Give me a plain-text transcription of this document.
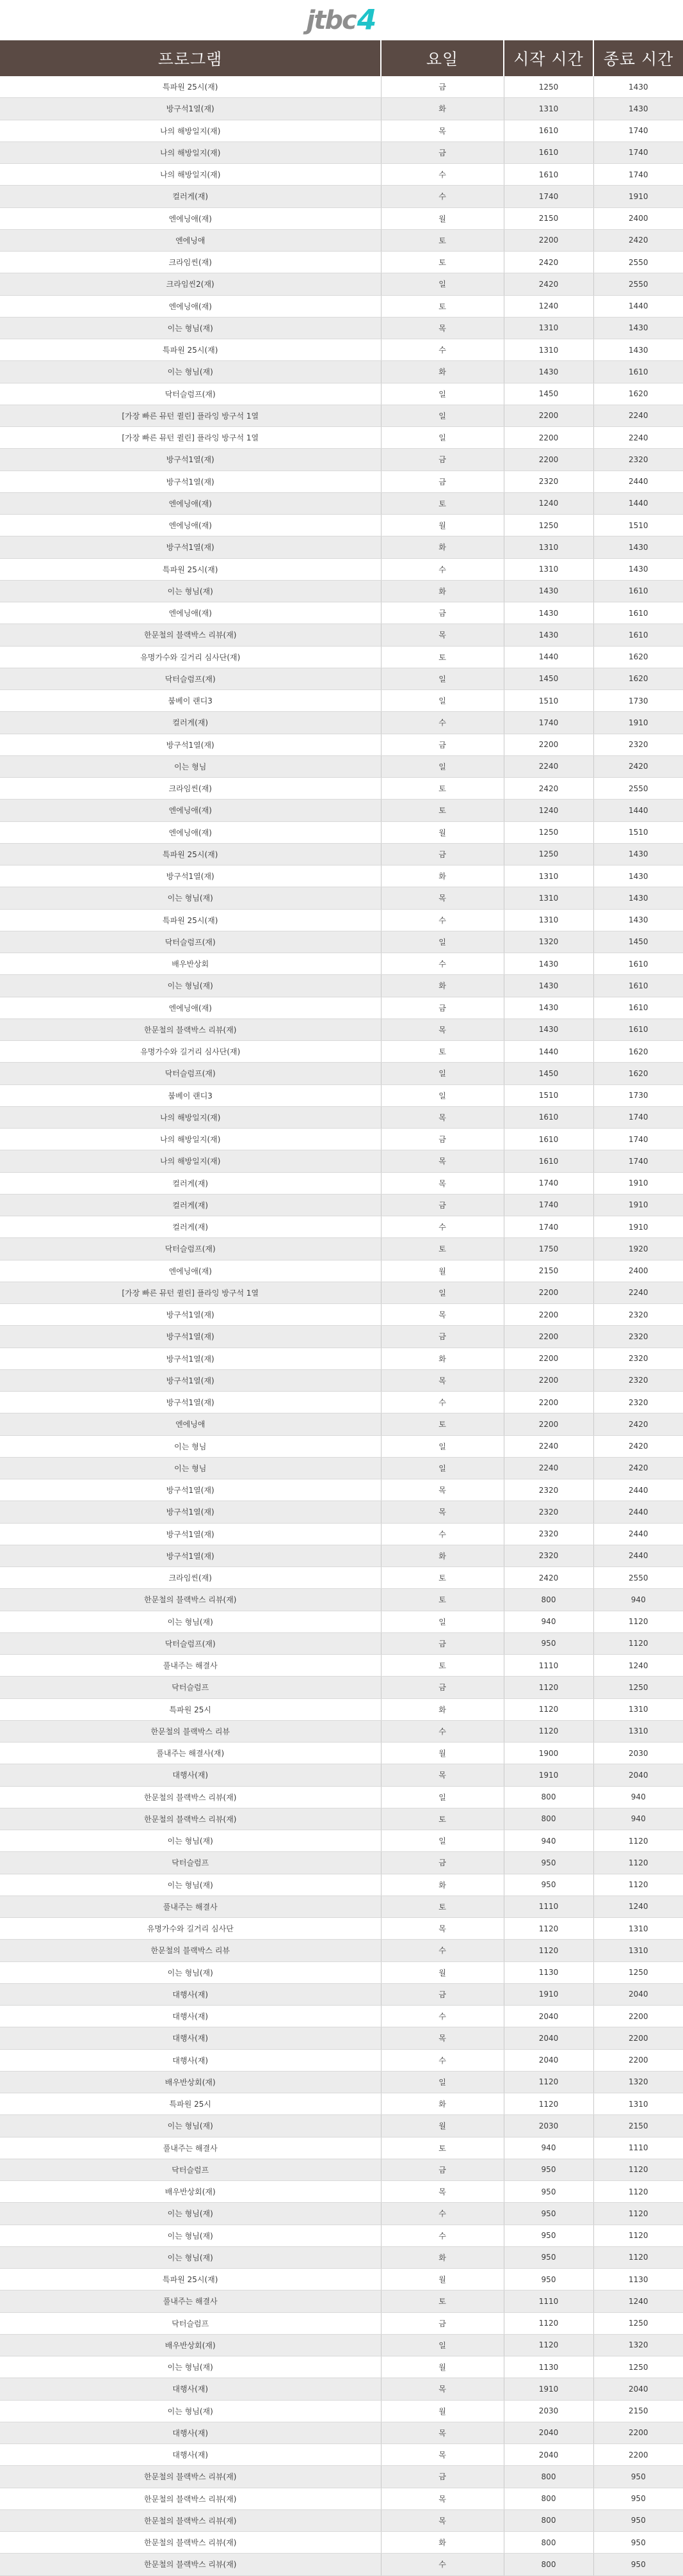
jtbc 4
프로그램	요일	시작 시간	종료 시간
특파원 25시(재)	금	1250	1430
방구석1열(재)	화	1310	1430
나의 해방일지(재)	목	1610	1740
나의 해방일지(재)	금	1610	1740
나의 해방일지(재)	수	1610	1740
컬러게(재)	수	1740	1910
엔에닝애(재)	월	2150	2400
엔에닝애	토	2200	2420
크라임씬(재)	토	2420	2550
크라임씬2(재)	일	2420	2550
엔에닝애(재)	토	1240	1440
이는 형님(재)	목	1310	1430
특파원 25시(재)	수	1310	1430
이는 형님(재)	화	1430	1610
닥터슬럼프(재)	일	1450	1620
[가장 빠른 뮤턴 퀼린] 플라잉 방구석 1열	일	2200	2240
[가장 빠른 뮤턴 퀼린] 플라잉 방구석 1열	일	2200	2240
방구석1열(재)	금	2200	2320
방구석1열(재)	금	2320	2440
엔에닝애(재)	토	1240	1440
엔에닝애(재)	월	1250	1510
방구석1열(재)	화	1310	1430
특파원 25시(재)	수	1310	1430
이는 형님(재)	화	1430	1610
엔에닝애(재)	금	1430	1610
한문철의 블랙박스 리뷰(재)	목	1430	1610
유명가수와 길거리 심사단(재)	토	1440	1620
닥터슬럼프(재)	일	1450	1620
붐베이 랜디3	일	1510	1730
컬러게(재)	수	1740	1910
방구석1열(재)	금	2200	2320
이는 형님	일	2240	2420
크라임씬(재)	토	2420	2550
엔에닝애(재)	토	1240	1440
엔에닝애(재)	월	1250	1510
특파원 25시(재)	금	1250	1430
방구석1열(재)	화	1310	1430
이는 형님(재)	목	1310	1430
특파원 25시(재)	수	1310	1430
닥터슬럼프(재)	일	1320	1450
배우반상회	수	1430	1610
이는 형님(재)	화	1430	1610
엔에닝애(재)	금	1430	1610
한문철의 블랙박스 리뷰(재)	목	1430	1610
유명가수와 길거리 심사단(재)	토	1440	1620
닥터슬럼프(재)	일	1450	1620
붐베이 랜디3	일	1510	1730
나의 해방일지(재)	목	1610	1740
나의 해방일지(재)	금	1610	1740
나의 해방일지(재)	목	1610	1740
컬러게(재)	목	1740	1910
컬러게(재)	금	1740	1910
컬러게(재)	수	1740	1910
닥터슬럼프(재)	토	1750	1920
엔에닝애(재)	월	2150	2400
[가장 빠른 뮤턴 퀼린] 플라잉 방구석 1열	일	2200	2240
방구석1열(재)	목	2200	2320
방구석1열(재)	금	2200	2320
방구석1열(재)	화	2200	2320
방구석1열(재)	목	2200	2320
방구석1열(재)	수	2200	2320
엔에닝애	토	2200	2420
이는 형님	일	2240	2420
이는 형님	일	2240	2420
방구석1열(재)	목	2320	2440
방구석1열(재)	목	2320	2440
방구석1열(재)	수	2320	2440
방구석1열(재)	화	2320	2440
크라임씬(재)	토	2420	2550
한문철의 블랙박스 리뷰(재)	토	800	940
이는 형님(재)	일	940	1120
닥터슬럼프(재)	금	950	1120
풀내주는 해결사	토	1110	1240
닥터슬럼프	금	1120	1250
특파원 25시	화	1120	1310
한문철의 블랙박스 리뷰	수	1120	1310
풀내주는 해결사(재)	월	1900	2030
대행사(재)	목	1910	2040
한문철의 블랙박스 리뷰(재)	일	800	940
한문철의 블랙박스 리뷰(재)	토	800	940
이는 형님(재)	일	940	1120
닥터슬럼프	금	950	1120
이는 형님(재)	화	950	1120
풀내주는 해결사	토	1110	1240
유명가수와 길거리 심사단	목	1120	1310
한문철의 블랙박스 리뷰	수	1120	1310
이는 형님(재)	월	1130	1250
대행사(재)	금	1910	2040
대행사(재)	수	2040	2200
대행사(재)	목	2040	2200
대행사(재)	수	2040	2200
배우반상회(재)	일	1120	1320
특파원 25시	화	1120	1310
이는 형님(재)	월	2030	2150
풀내주는 해결사	토	940	1110
닥터슬럼프	금	950	1120
배우반상회(재)	목	950	1120
이는 형님(재)	수	950	1120
이는 형님(재)	수	950	1120
이는 형님(재)	화	950	1120
특파원 25시(재)	월	950	1130
풀내주는 해결사	토	1110	1240
닥터슬럼프	금	1120	1250
배우반상회(재)	일	1120	1320
이는 형님(재)	월	1130	1250
대행사(재)	목	1910	2040
이는 형님(재)	월	2030	2150
대행사(재)	목	2040	2200
대행사(재)	목	2040	2200
한문철의 블랙박스 리뷰(재)	금	800	950
한문철의 블랙박스 리뷰(재)	목	800	950
한문철의 블랙박스 리뷰(재)	목	800	950
한문철의 블랙박스 리뷰(재)	화	800	950
한문철의 블랙박스 리뷰(재)	수	800	950
